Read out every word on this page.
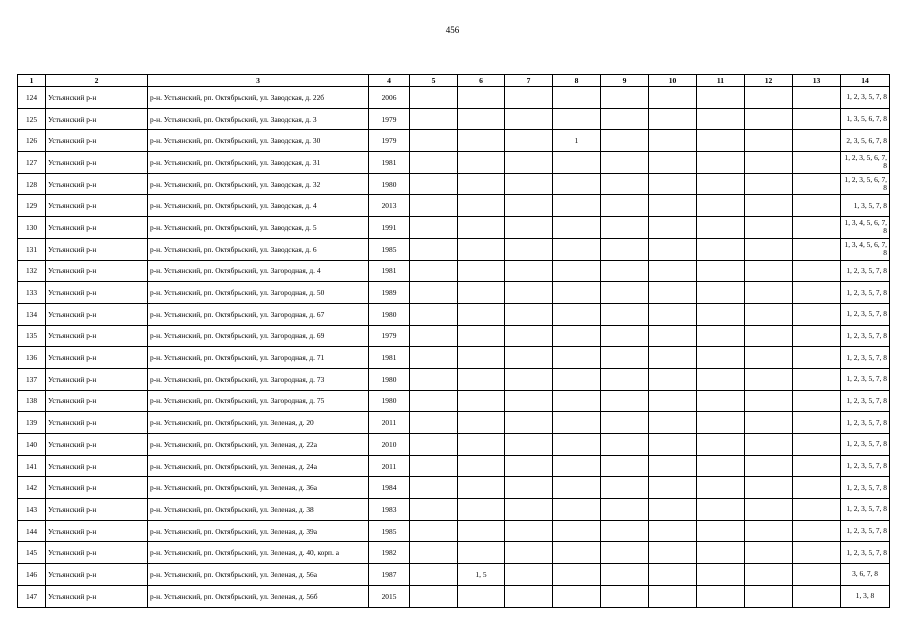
456
1	2	3	4	5	6	7	8	9	10	11	12	13	14
124	Устьянский р-н	р-н. Устьянский, рп. Октябрьский, ул. Заводская, д. 22б	2006										1, 2, 3, 5, 7, 8
125	Устьянский р-н	р-н. Устьянский, рп. Октябрьский, ул. Заводская, д. 3	1979										1, 3, 5, 6, 7, 8
126	Устьянский р-н	р-н. Устьянский, рп. Октябрьский, ул. Заводская, д. 30	1979				1						2, 3, 5, 6, 7, 8
127	Устьянский р-н	р-н. Устьянский, рп. Октябрьский, ул. Заводская, д. 31	1981										1, 2, 3, 5, 6, 7, 8
128	Устьянский р-н	р-н. Устьянский, рп. Октябрьский, ул. Заводская, д. 32	1980										1, 2, 3, 5, 6, 7, 8
129	Устьянский р-н	р-н. Устьянский, рп. Октябрьский, ул. Заводская, д. 4	2013										1, 3, 5, 7, 8
130	Устьянский р-н	р-н. Устьянский, рп. Октябрьский, ул. Заводская, д. 5	1991										1, 3, 4, 5, 6, 7, 8
131	Устьянский р-н	р-н. Устьянский, рп. Октябрьский, ул. Заводская, д. 6	1985										1, 3, 4, 5, 6, 7, 8
132	Устьянский р-н	р-н. Устьянский, рп. Октябрьский, ул. Загородная, д. 4	1981										1, 2, 3, 5, 7, 8
133	Устьянский р-н	р-н. Устьянский, рп. Октябрьский, ул. Загородная, д. 50	1989										1, 2, 3, 5, 7, 8
134	Устьянский р-н	р-н. Устьянский, рп. Октябрьский, ул. Загородная, д. 67	1980										1, 2, 3, 5, 7, 8
135	Устьянский р-н	р-н. Устьянский, рп. Октябрьский, ул. Загородная, д. 69	1979										1, 2, 3, 5, 7, 8
136	Устьянский р-н	р-н. Устьянский, рп. Октябрьский, ул. Загородная, д. 71	1981										1, 2, 3, 5, 7, 8
137	Устьянский р-н	р-н. Устьянский, рп. Октябрьский, ул. Загородная, д. 73	1980										1, 2, 3, 5, 7, 8
138	Устьянский р-н	р-н. Устьянский, рп. Октябрьский, ул. Загородная, д. 75	1980										1, 2, 3, 5, 7, 8
139	Устьянский р-н	р-н. Устьянский, рп. Октябрьский, ул. Зеленая, д. 20	2011										1, 2, 3, 5, 7, 8
140	Устьянский р-н	р-н. Устьянский, рп. Октябрьский, ул. Зеленая, д. 22а	2010										1, 2, 3, 5, 7, 8
141	Устьянский р-н	р-н. Устьянский, рп. Октябрьский, ул. Зеленая, д. 24а	2011										1, 2, 3, 5, 7, 8
142	Устьянский р-н	р-н. Устьянский, рп. Октябрьский, ул. Зеленая, д. 36а	1984										1, 2, 3, 5, 7, 8
143	Устьянский р-н	р-н. Устьянский, рп. Октябрьский, ул. Зеленая, д. 38	1983										1, 2, 3, 5, 7, 8
144	Устьянский р-н	р-н. Устьянский, рп. Октябрьский, ул. Зеленая, д. 39а	1985										1, 2, 3, 5, 7, 8
145	Устьянский р-н	р-н. Устьянский, рп. Октябрьский, ул. Зеленая, д. 40, корп. а	1982										1, 2, 3, 5, 7, 8
146	Устьянский р-н	р-н. Устьянский, рп. Октябрьский, ул. Зеленая, д. 56а	1987		1, 5								3, 6, 7, 8
147	Устьянский р-н	р-н. Устьянский, рп. Октябрьский, ул. Зеленая, д. 56б	2015										1, 3, 8
